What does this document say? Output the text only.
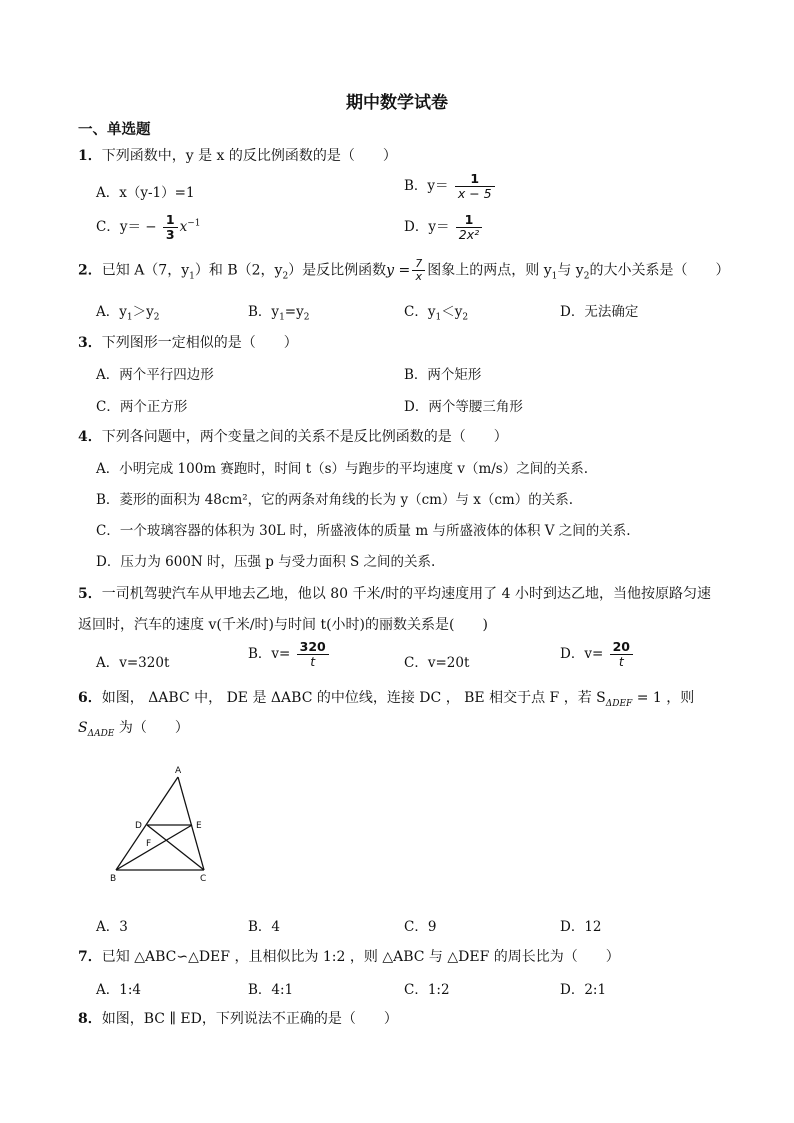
期中数学试卷
一、单选题
1．下列函数中，y 是 x 的反比例函数的是（　　）
A．x（y-1）=1	B．$y= \frac{1}{x - 5}$
C．$y= - \frac{1}{3} x^{-1}$	D．$y= \frac{1}{\text{2x²}}$
2．已知 A（7，$y_1$）和 B（2，$y_2$）是反比例函数$y = \frac{7}{x}$ 图象上的两点，则 $y_1$与 $y_2$的大小关系是（　　）
A．$y_1>y_2$	B．$y_1=y_2$	C．$y_1<y_2$	D．无法确定
3．下列图形一定相似的是（　　）
A．两个平行四边形	B．两个矩形
C．两个正方形	D．两个等腰三角形
4．下列各问题中，两个变量之间的关系不是反比例函数的是（　　）
A．小明完成 100m 赛跑时，时间 t（s）与跑步的平均速度 v（m/s）之间的关系.
B．菱形的面积为 48cm²，它的两条对角线的长为 y（cm）与 x（cm）的关系.
C．一个玻璃容器的体积为 30L 时，所盛液体的质量 m 与所盛液体的体积 V 之间的关系.
D．压力为 600N 时，压强 p 与受力面积 S 之间的关系.
5．一司机驾驶汽车从甲地去乙地，他以 80 千米/时的平均速度用了 4 小时到达乙地，当他按原路匀速
返回时，汽车的速度 v(千米/时)与时间 t(小时)的丽数关系是(　　)
A．v=320t
B．$v= \frac{320}{t}$	C．v=20t
D．$v= \frac{20}{t}$
6．如图， ΔABC 中， DE 是 ΔABC 的中位线，连接 DC ， BE 相交于点 F ，若 $S_{\Delta DEF} = 1$ ，则
$S_{\Delta ADE}$ 为（　　）
A
B	C
D	E
F
A．3	B．4	C．9	D．12
7．已知 △ABC∽△DEF ，且相似比为 1:2 ，则 △ABC 与 △DEF 的周长比为（　　）
A．1:4	B．4:1	C．1:2	D．2:1
8．如图，BC ∥ ED，下列说法不正确的是（　　）
